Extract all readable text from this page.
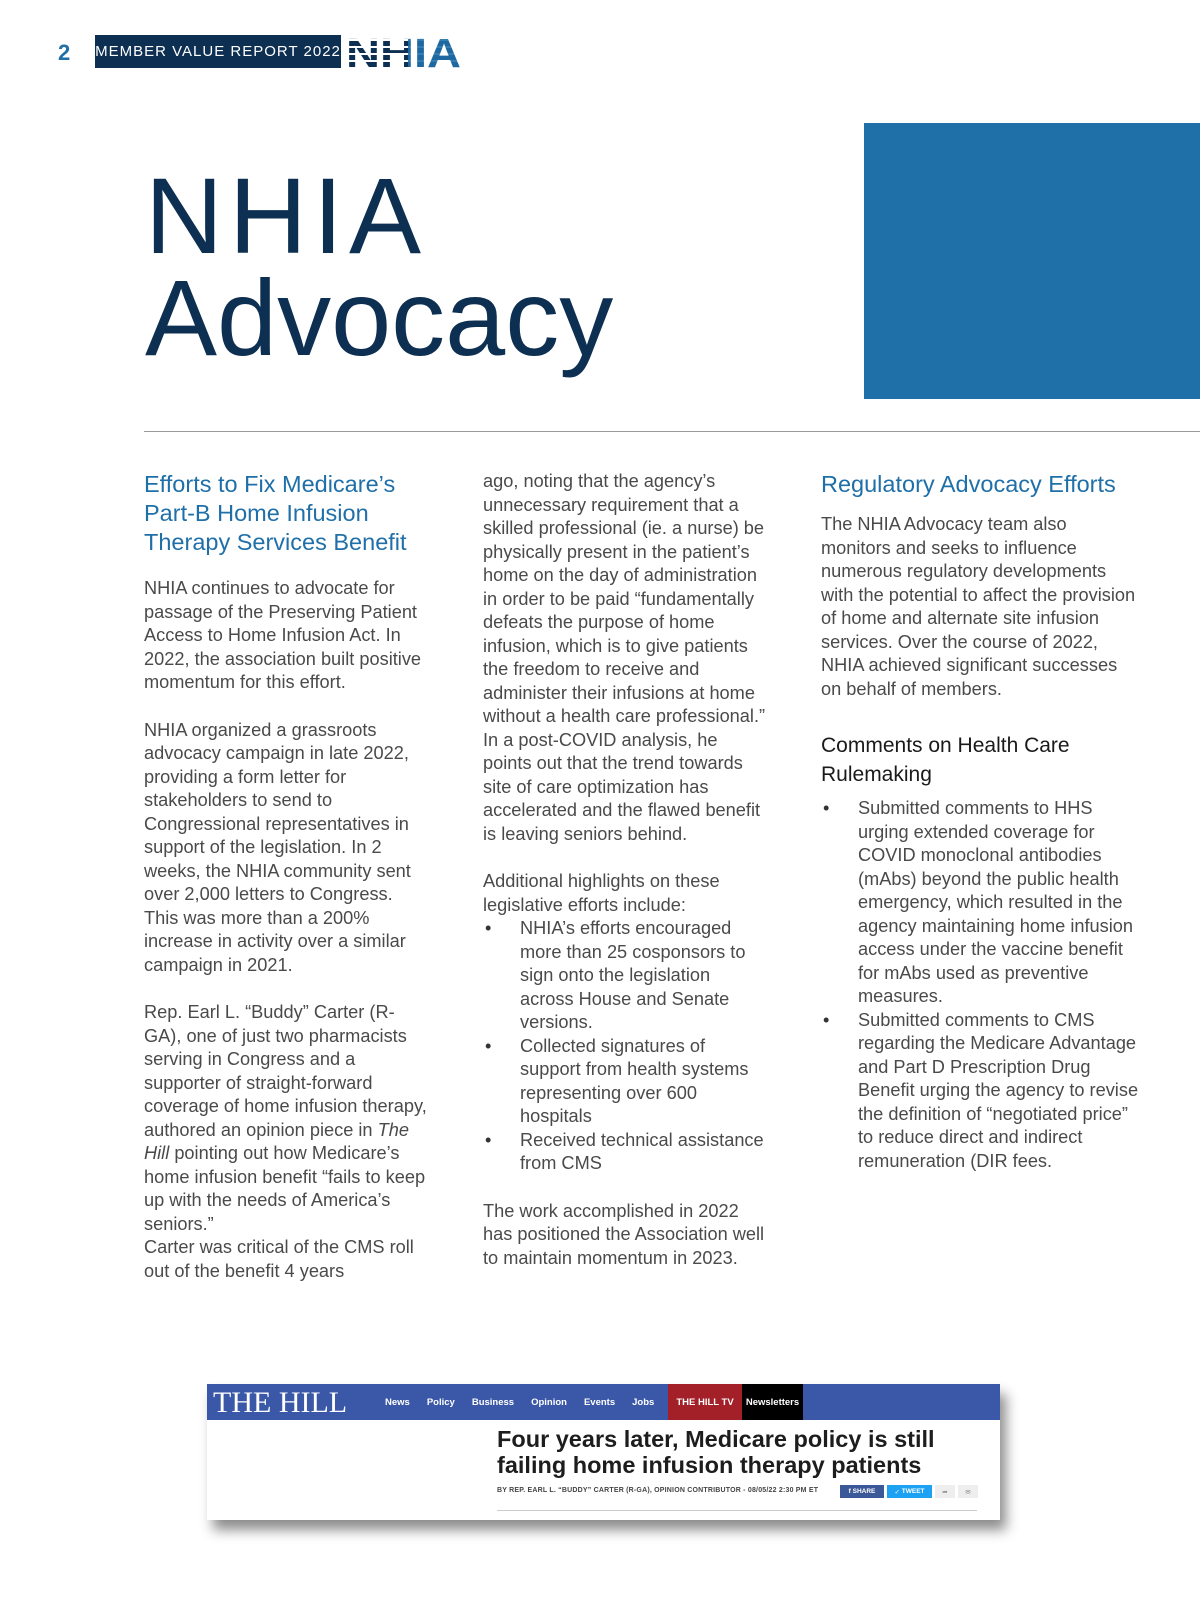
2 MEMBER VALUE REPORT 2022
NHIA
Advocacy
Efforts to Fix Medicare’s Part-B Home Infusion Therapy Services Benefit

NHIA continues to advocate for passage of the Preserving Patient Access to Home Infusion Act. In 2022, the association built positive momentum for this effort.

NHIA organized a grassroots advocacy campaign in late 2022, providing a form letter for stakeholders to send to Congressional representatives in support of the legislation. In 2 weeks, the NHIA community sent over 2,000 letters to Congress. This was more than a 200% increase in activity over a similar campaign in 2021.

Rep. Earl L. “Buddy” Carter (R-GA), one of just two pharmacists serving in Congress and a supporter of straight-forward coverage of home infusion therapy, authored an opinion piece in The Hill pointing out how Medicare’s home infusion benefit “fails to keep up with the needs of America’s seniors.”
Carter was critical of the CMS roll out of the benefit 4 years

ago, noting that the agency’s unnecessary requirement that a skilled professional (ie. a nurse) be physically present in the patient’s home on the day of administration in order to be paid “fundamentally defeats the purpose of home infusion, which is to give patients the freedom to receive and administer their infusions at home without a health care professional.” In a post-COVID analysis, he points out that the trend towards site of care optimization has accelerated and the flawed benefit is leaving seniors behind.

Additional highlights on these legislative efforts include:

• NHIA’s efforts encouraged more than 25 cosponsors to sign onto the legislation across House and Senate versions.
• Collected signatures of support from health systems representing over 600 hospitals
• Received technical assistance from CMS

The work accomplished in 2022 has positioned the Association well to maintain momentum in 2023.

Regulatory Advocacy Efforts

The NHIA Advocacy team also monitors and seeks to influence numerous regulatory developments with the potential to affect the provision of home and alternate site infusion services. Over the course of 2022, NHIA achieved significant successes on behalf of members.

Comments on Health Care Rulemaking
• Submitted comments to HHS urging extended coverage for COVID monoclonal antibodies (mAbs) beyond the public health emergency, which resulted in the agency maintaining home infusion access under the vaccine benefit for mAbs used as preventive measures.
• Submitted comments to CMS regarding the Medicare Advantage and Part D Prescription Drug Benefit urging the agency to revise the definition of “negotiated price” to reduce direct and indirect remuneration (DIR fees.
THE HILL	News Policy Business Opinion Events Jobs	THE HILL TV	Newsletters
Four years later, Medicare policy is still failing home infusion therapy patients
BY REP. EARL L. “BUDDY” CARTER (R-GA), OPINION CONTRIBUTOR - 08/05/22 2:30 PM ET	f SHARE	✓ TWEET	➦	✉
